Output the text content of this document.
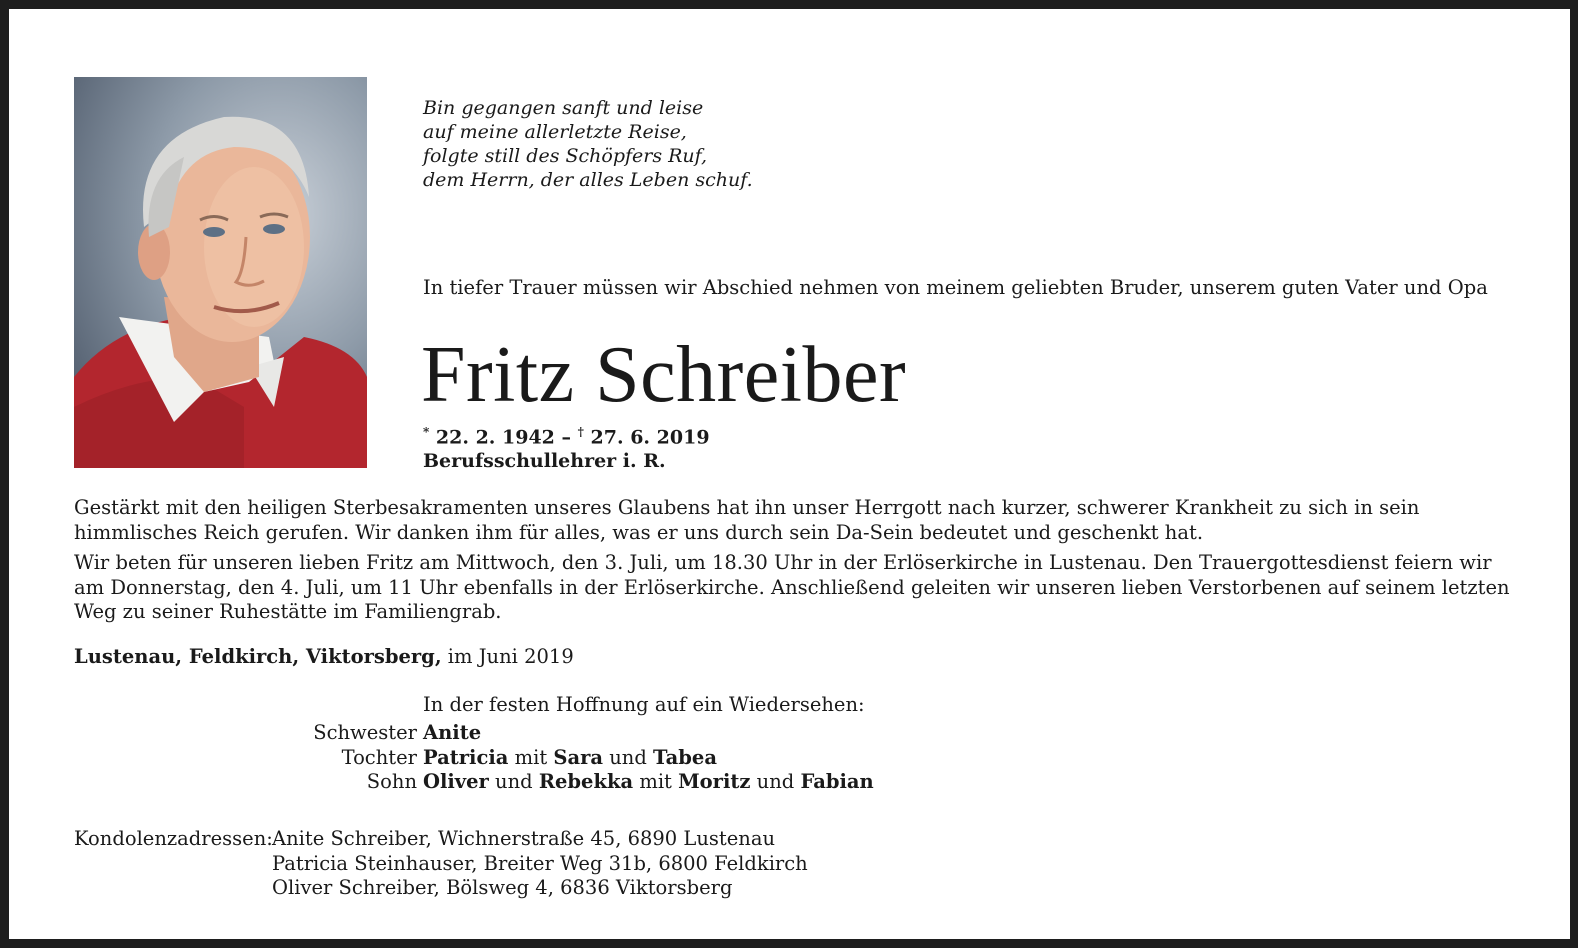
Bin gegangen sanft und leise
auf meine allerletzte Reise,
folgte still des Schöpfers Ruf,
dem Herrn, der alles Leben schuf.

In tiefer Trauer müssen wir Abschied nehmen von meinem geliebten Bruder, unserem guten Vater und Opa

Fritz Schreiber

* 22. 2. 1942 – † 27. 6. 2019

Berufsschullehrer i. R.

Gestärkt mit den heiligen Sterbesakramenten unseres Glaubens hat ihn unser Herrgott nach kurzer, schwerer Krankheit zu sich in sein himmlisches Reich gerufen. Wir danken ihm für alles, was er uns durch sein Da-Sein bedeutet und geschenkt hat.

Wir beten für unseren lieben Fritz am Mittwoch, den 3. Juli, um 18.30 Uhr in der Erlöserkirche in Lustenau. Den Trauergottesdienst feiern wir am Donnerstag, den 4. Juli, um 11 Uhr ebenfalls in der Erlöserkirche. Anschließend geleiten wir unseren lieben Verstorbenen auf seinem letzten Weg zu seiner Ruhestätte im Familiengrab.

Lustenau, Feldkirch, Viktorsberg, im Juni 2019
In der festen Hoffnung auf ein Wiedersehen:
Schwester Anite
Tochter Patricia mit Sara und Tabea
Sohn Oliver und Rebekka mit Moritz und Fabian
Kondolenzadressen: Anite Schreiber, Wichnerstraße 45, 6890 Lustenau
Patricia Steinhauser, Breiter Weg 31b, 6800 Feldkirch
Oliver Schreiber, Bölsweg 4, 6836 Viktorsberg
